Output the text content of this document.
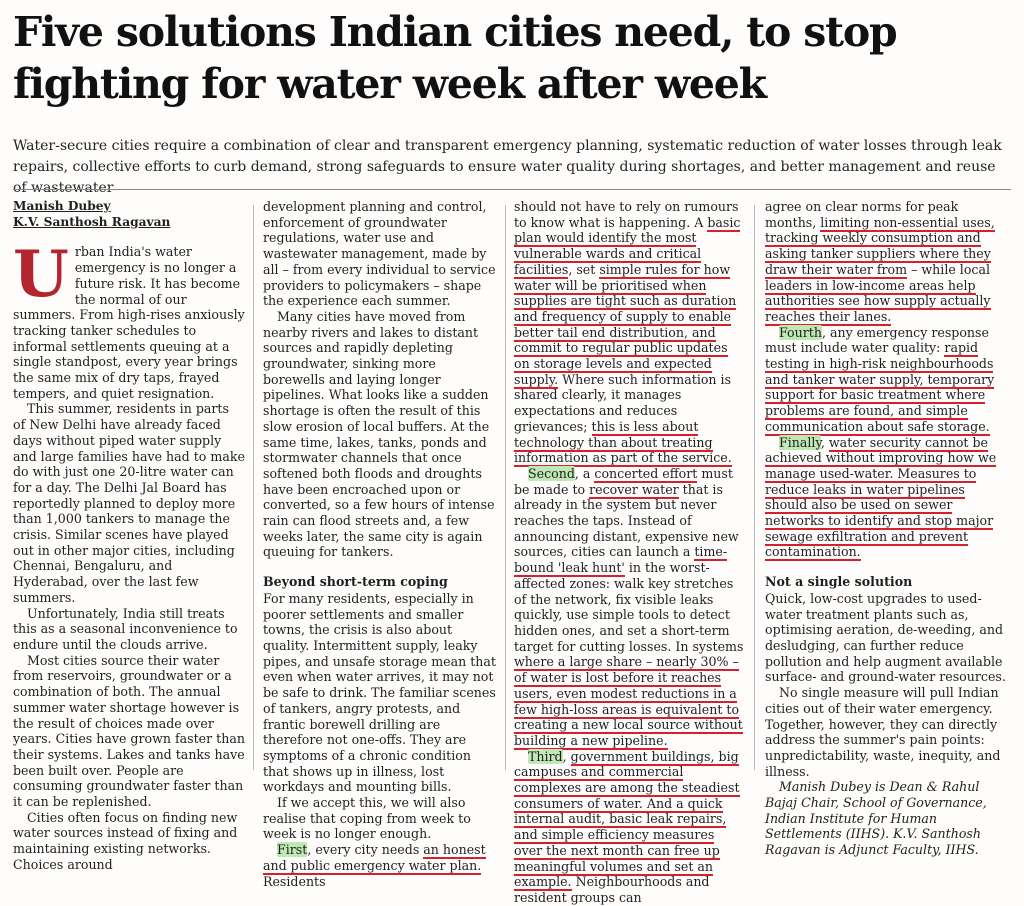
Five solutions Indian cities need, to stop fighting for water week after week

Water-secure cities require a combination of clear and transparent emergency planning, systematic reduction of water losses through leak repairs, collective efforts to curb demand, strong safeguards to ensure water quality during shortages, and better management and reuse of wastewater

Manish Dubey
K.V. Santhosh Ragavan

Urban India's water emergency is no longer a future risk. It has become the normal of our summers. From high-rises anxiously tracking tanker schedules to informal settlements queuing at a single standpost, every year brings the same mix of dry taps, frayed tempers, and quiet resignation.

This summer, residents in parts of New Delhi have already faced days without piped water supply and large families have had to make do with just one 20-litre water can for a day. The Delhi Jal Board has reportedly planned to deploy more than 1,000 tankers to manage the crisis. Similar scenes have played out in other major cities, including Chennai, Bengaluru, and Hyderabad, over the last few summers.

Unfortunately, India still treats this as a seasonal inconvenience to endure until the clouds arrive.

Most cities source their water from reservoirs, groundwater or a combination of both. The annual summer water shortage however is the result of choices made over years. Cities have grown faster than their systems. Lakes and tanks have been built over. People are consuming groundwater faster than it can be replenished.

Cities often focus on finding new water sources instead of fixing and maintaining existing networks. Choices around

development planning and control, enforcement of groundwater regulations, water use and wastewater management, made by all – from every individual to service providers to policymakers – shape the experience each summer.

Many cities have moved from nearby rivers and lakes to distant sources and rapidly depleting groundwater, sinking more borewells and laying longer pipelines. What looks like a sudden shortage is often the result of this slow erosion of local buffers. At the same time, lakes, tanks, ponds and stormwater channels that once softened both floods and droughts have been encroached upon or converted, so a few hours of intense rain can flood streets and, a few weeks later, the same city is again queuing for tankers.

Beyond short-term coping

For many residents, especially in poorer settlements and smaller towns, the crisis is also about quality. Intermittent supply, leaky pipes, and unsafe storage mean that even when water arrives, it may not be safe to drink. The familiar scenes of tankers, angry protests, and frantic borewell drilling are therefore not one-offs. They are symptoms of a chronic condition that shows up in illness, lost workdays and mounting bills.

If we accept this, we will also realise that coping from week to week is no longer enough.

First, every city needs an honest and public emergency water plan. Residents

should not have to rely on rumours to know what is happening. A basic plan would identify the most vulnerable wards and critical facilities, set simple rules for how water will be prioritised when supplies are tight such as duration and frequency of supply to enable better tail end distribution, and commit to regular public updates on storage levels and expected supply. Where such information is shared clearly, it manages expectations and reduces grievances; this is less about technology than about treating information as part of the service.

Second, a concerted effort must be made to recover water that is already in the system but never reaches the taps. Instead of announcing distant, expensive new sources, cities can launch a time-bound 'leak hunt' in the worst-affected zones: walk key stretches of the network, fix visible leaks quickly, use simple tools to detect hidden ones, and set a short-term target for cutting losses. In systems where a large share – nearly 30% – of water is lost before it reaches users, even modest reductions in a few high-loss areas is equivalent to creating a new local source without building a new pipeline.

Third, government buildings, big campuses and commercial complexes are among the steadiest consumers of water. And a quick internal audit, basic leak repairs, and simple efficiency measures over the next month can free up meaningful volumes and set an example. Neighbourhoods and resident groups can

agree on clear norms for peak months, limiting non-essential uses, tracking weekly consumption and asking tanker suppliers where they draw their water from – while local leaders in low-income areas help authorities see how supply actually reaches their lanes.

Fourth, any emergency response must include water quality: rapid testing in high-risk neighbourhoods and tanker water supply, temporary support for basic treatment where problems are found, and simple communication about safe storage.

Finally, water security cannot be achieved without improving how we manage used-water. Measures to reduce leaks in water pipelines should also be used on sewer networks to identify and stop major sewage exfiltration and prevent contamination.

Not a single solution

Quick, low-cost upgrades to used-water treatment plants such as, optimising aeration, de-weeding, and desludging, can further reduce pollution and help augment available surface- and ground-water resources.

No single measure will pull Indian cities out of their water emergency. Together, however, they can directly address the summer's pain points: unpredictability, waste, inequity, and illness.

Manish Dubey is Dean & Rahul Bajaj Chair, School of Governance, Indian Institute for Human Settlements (IIHS). K.V. Santhosh Ragavan is Adjunct Faculty, IIHS.
